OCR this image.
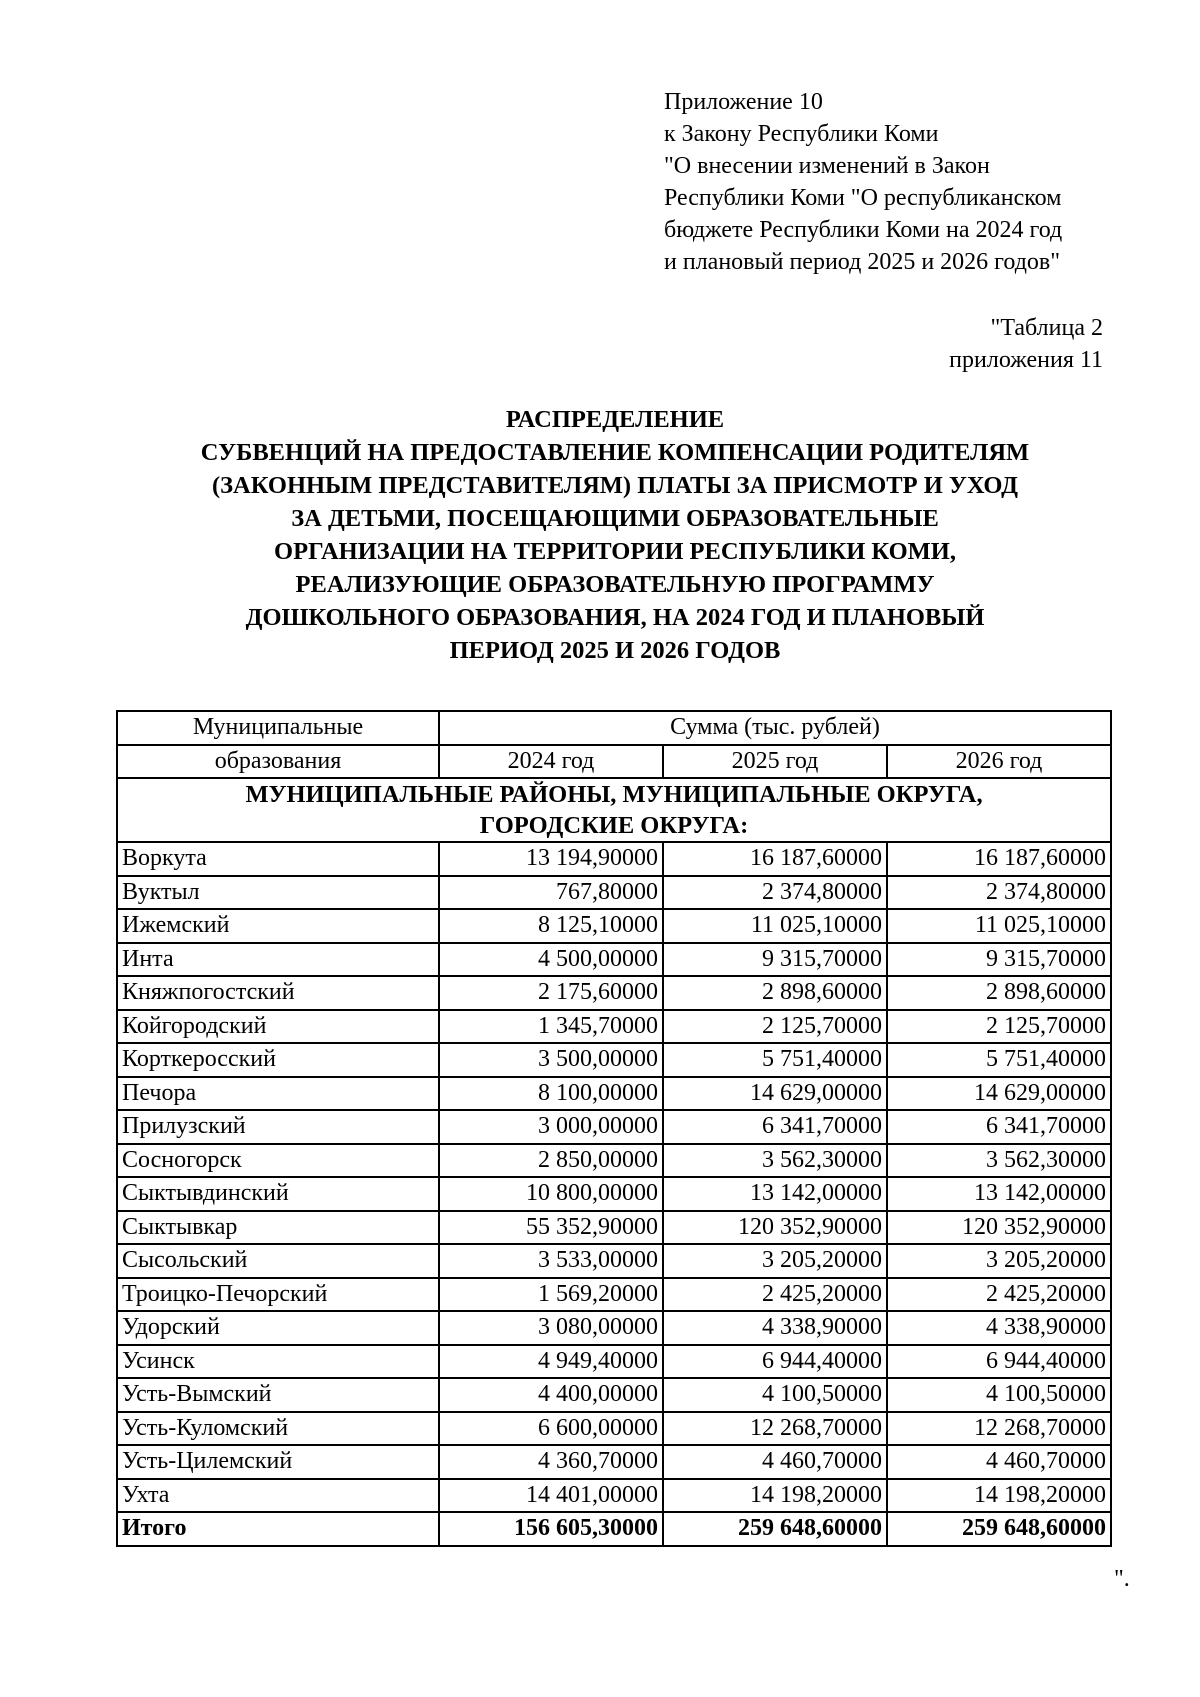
Приложение 10
к Закону Республики Коми
"О внесении изменений в Закон
Республики Коми "О республиканском
бюджете Республики Коми на 2024 год
и плановый период 2025 и 2026 годов"
"Таблица 2
приложения 11
РАСПРЕДЕЛЕНИЕ
СУБВЕНЦИЙ НА ПРЕДОСТАВЛЕНИЕ КОМПЕНСАЦИИ РОДИТЕЛЯМ
(ЗАКОННЫМ ПРЕДСТАВИТЕЛЯМ) ПЛАТЫ ЗА ПРИСМОТР И УХОД
ЗА ДЕТЬМИ, ПОСЕЩАЮЩИМИ ОБРАЗОВАТЕЛЬНЫЕ
ОРГАНИЗАЦИИ НА ТЕРРИТОРИИ РЕСПУБЛИКИ КОМИ,
РЕАЛИЗУЮЩИЕ ОБРАЗОВАТЕЛЬНУЮ ПРОГРАММУ
ДОШКОЛЬНОГО ОБРАЗОВАНИЯ, НА 2024 ГОД И ПЛАНОВЫЙ
ПЕРИОД 2025 И 2026 ГОДОВ
Муниципальные	Сумма (тыс. рублей)		
образования	2024 год	2025 год	2026 год

МУНИЦИПАЛЬНЫЕ РАЙОНЫ, МУНИЦИПАЛЬНЫЕ ОКРУГА,
ГОРОДСКИЕ ОКРУГА:			

Воркута	13 194,90000	16 187,60000	16 187,60000
Вуктыл	767,80000	2 374,80000	2 374,80000
Ижемский	8 125,10000	11 025,10000	11 025,10000
Инта	4 500,00000	9 315,70000	9 315,70000
Княжпогостский	2 175,60000	2 898,60000	2 898,60000
Койгородский	1 345,70000	2 125,70000	2 125,70000
Корткеросский	3 500,00000	5 751,40000	5 751,40000
Печора	8 100,00000	14 629,00000	14 629,00000
Прилузский	3 000,00000	6 341,70000	6 341,70000
Сосногорск	2 850,00000	3 562,30000	3 562,30000
Сыктывдинский	10 800,00000	13 142,00000	13 142,00000
Сыктывкар	55 352,90000	120 352,90000	120 352,90000
Сысольский	3 533,00000	3 205,20000	3 205,20000
Троицко-Печорский	1 569,20000	2 425,20000	2 425,20000
Удорский	3 080,00000	4 338,90000	4 338,90000
Усинск	4 949,40000	6 944,40000	6 944,40000
Усть-Вымский	4 400,00000	4 100,50000	4 100,50000
Усть-Куломский	6 600,00000	12 268,70000	12 268,70000
Усть-Цилемский	4 360,70000	4 460,70000	4 460,70000
Ухта	14 401,00000	14 198,20000	14 198,20000
Итого	156 605,30000	259 648,60000	259 648,60000
".
